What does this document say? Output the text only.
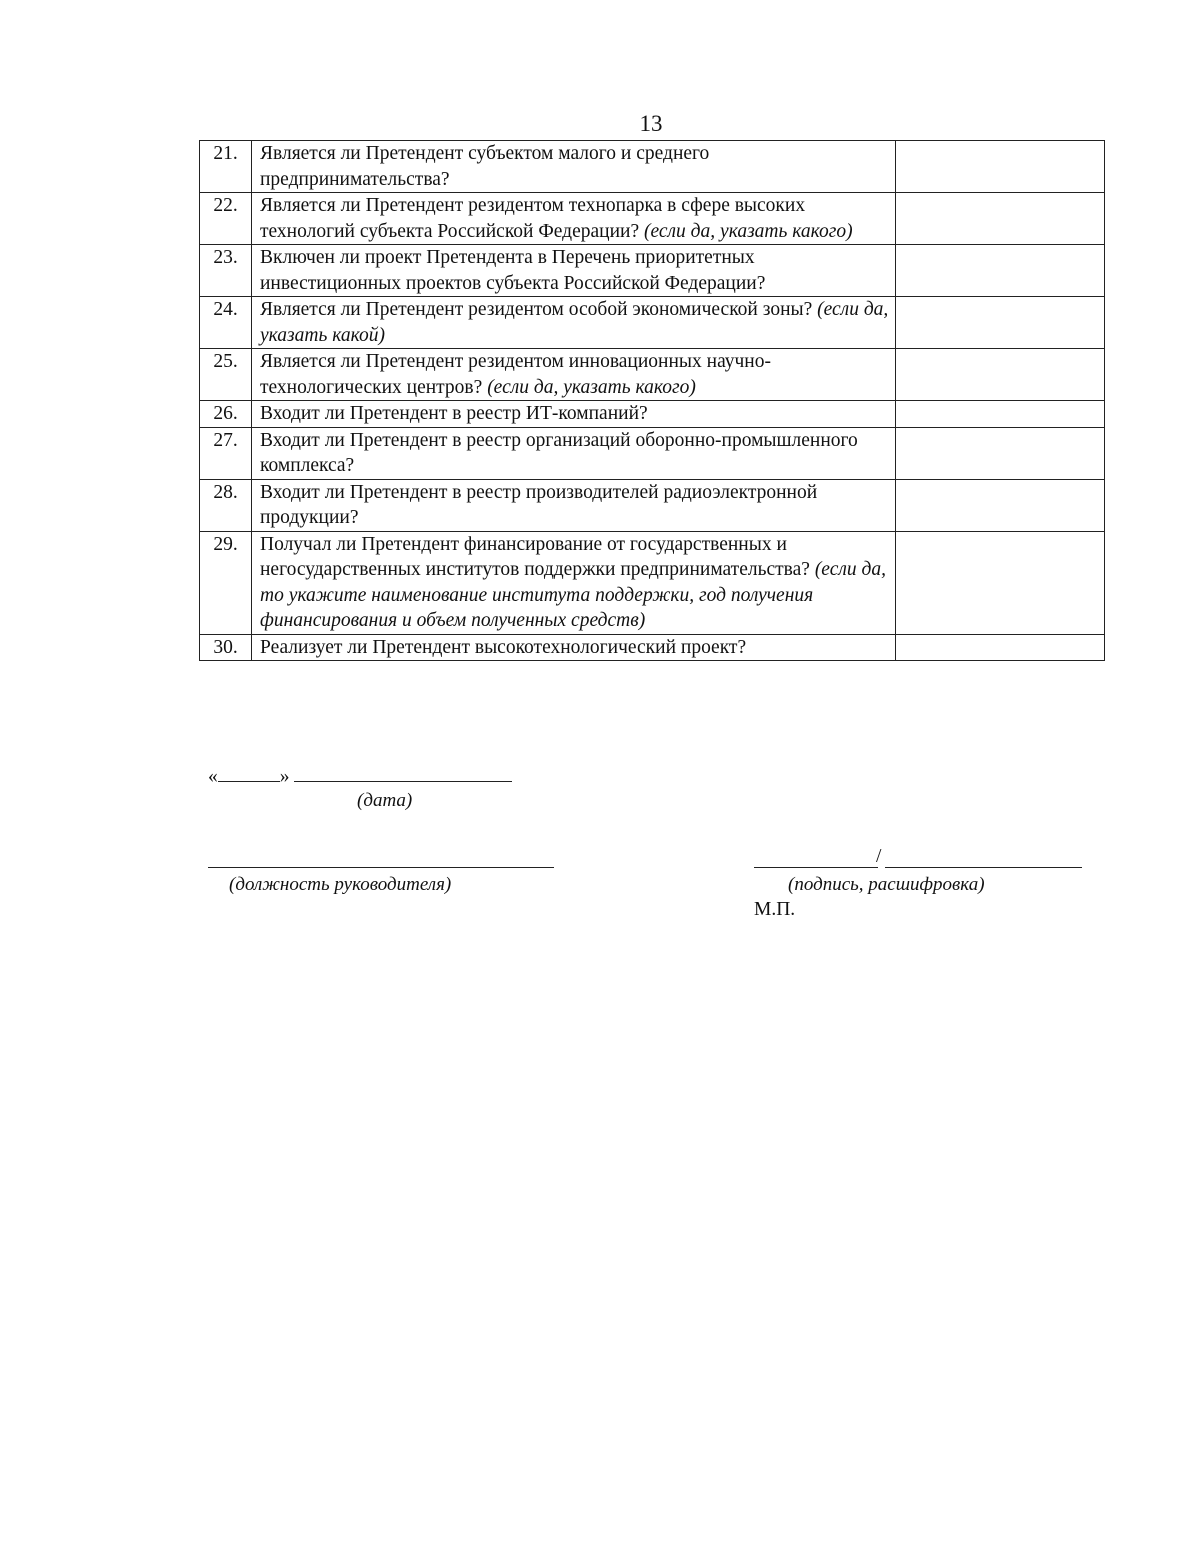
13
21.	Является ли Претендент субъектом малого и среднего предпринимательства?	
22.	Является ли Претендент резидентом технопарка в сфере высоких технологий субъекта Российской Федерации? (если да, указать какого)	
23.	Включен ли проект Претендента в Перечень приоритетных инвестиционных проектов субъекта Российской Федерации?	
24.	Является ли Претендент резидентом особой экономической зоны? (если да, указать какой)	
25.	Является ли Претендент резидентом инновационных научно-технологических центров? (если да, указать какого)	
26.	Входит ли Претендент в реестр ИТ-компаний?	
27.	Входит ли Претендент в реестр организаций оборонно-промышленного комплекса?	
28.	Входит ли Претендент в реестр производителей радиоэлектронной продукции?	
29.	Получал ли Претендент финансирование от государственных и негосударственных институтов поддержки предпринимательства? (если да, то укажите наименование института поддержки, год получения финансирования и объем полученных средств)	
30.	Реализует ли Претендент высокотехнологический проект?	
«	»
(дата)
(должность руководителя)
/
(подпись, расшифровка)
М.П.
